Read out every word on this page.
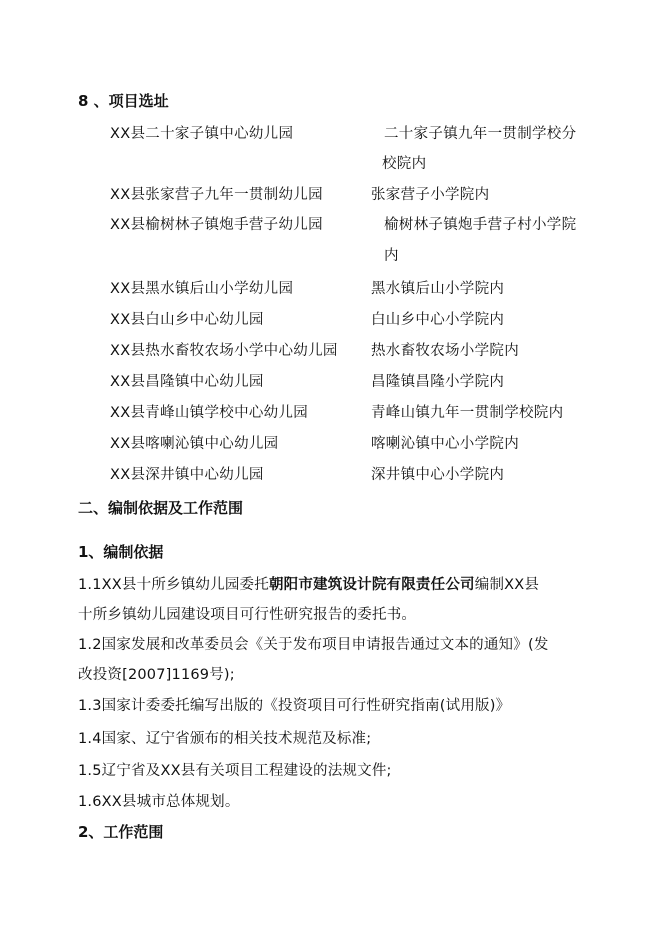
8 、项目选址
XX县二十家子镇中心幼儿园	二十家子镇九年一贯制学校分
校院内
XX县张家营子九年一贯制幼儿园	张家营子小学院内
XX县榆树林子镇炮手营子幼儿园	榆树林子镇炮手营子村小学院
内
XX县黑水镇后山小学幼儿园	黑水镇后山小学院内
XX县白山乡中心幼儿园	白山乡中心小学院内
XX县热水畜牧农场小学中心幼儿园 热水畜牧农场小学院内
XX县昌隆镇中心幼儿园	昌隆镇昌隆小学院内
XX县青峰山镇学校中心幼儿园	青峰山镇九年一贯制学校院内
XX县喀喇沁镇中心幼儿园	喀喇沁镇中心小学院内
XX县深井镇中心幼儿园	深井镇中心小学院内
二、编制依据及工作范围
1、编制依据
1.1XX县十所乡镇幼儿园委托朝阳市建筑设计院有限责任公司编制XX县
十所乡镇幼儿园建设项目可行性研究报告的委托书。
1.2国家发展和改革委员会《关于发布项目申请报告通过文本的通知》(发
改投资[2007]1169号);
1.3国家计委委托编写出版的《投资项目可行性研究指南(试用版)》
1.4国家、辽宁省颁布的相关技术规范及标准;
1.5辽宁省及XX县有关项目工程建设的法规文件;
1.6XX县城市总体规划。
2、工作范围
